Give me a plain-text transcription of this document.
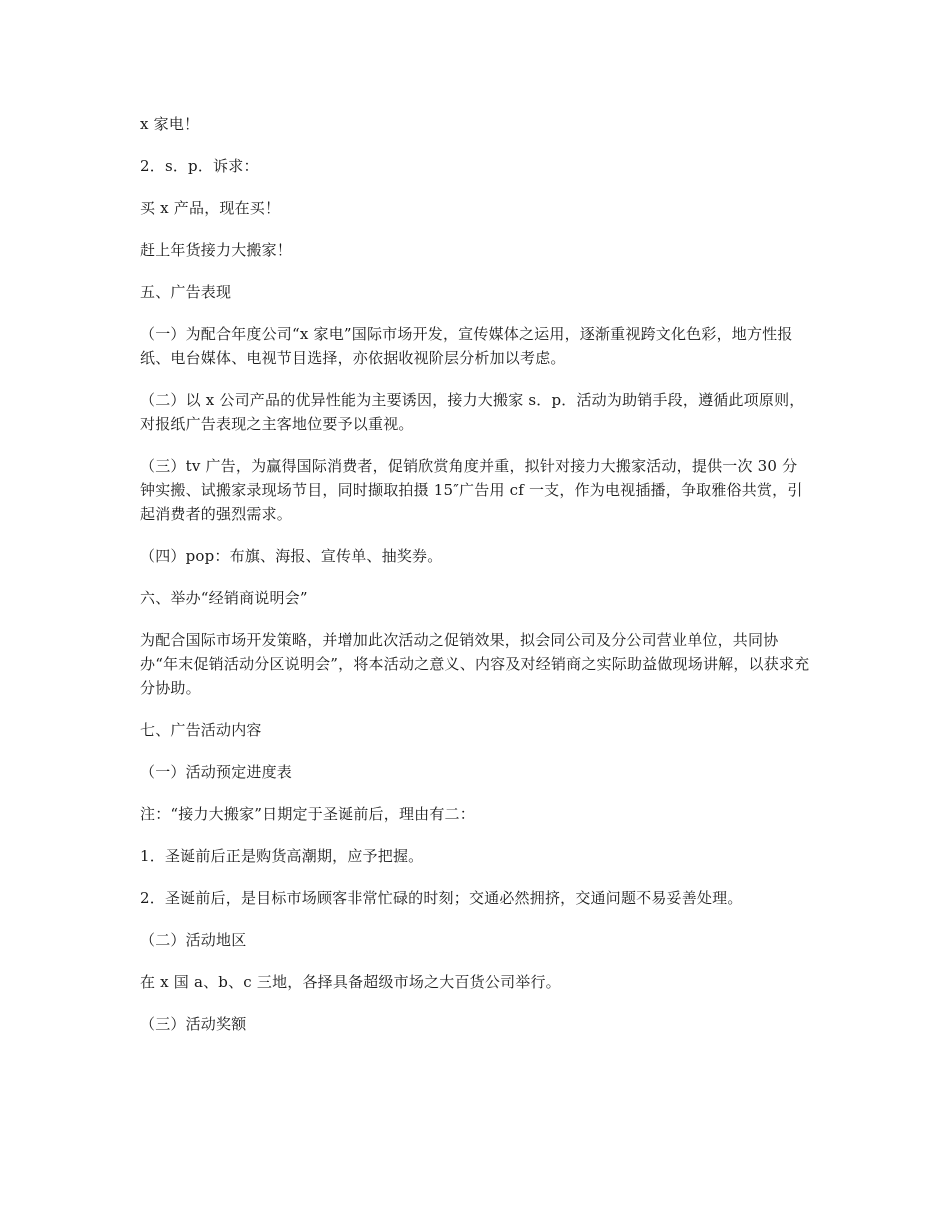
x 家电！

2．s．p．诉求：

买 x 产品，现在买！

赶上年货接力大搬家！

五、广告表现

（一）为配合年度公司“x 家电”国际市场开发，宣传媒体之运用，逐渐重视跨文化色彩，地方性报纸、电台媒体、电视节目选择，亦依据收视阶层分析加以考虑。

（二）以 x 公司产品的优异性能为主要诱因，接力大搬家 s．p．活动为助销手段，遵循此项原则，对报纸广告表现之主客地位要予以重视。

（三）tv 广告，为赢得国际消费者，促销欣赏角度并重，拟针对接力大搬家活动，提供一次 30 分钟实搬、试搬家录现场节目，同时撷取拍摄 15″广告用 cf 一支，作为电视插播，争取雅俗共赏，引起消费者的强烈需求。

（四）pop：布旗、海报、宣传单、抽奖券。

六、举办“经销商说明会”

为配合国际市场开发策略，并增加此次活动之促销效果，拟会同公司及分公司营业单位，共同协办“年末促销活动分区说明会”，将本活动之意义、内容及对经销商之实际助益做现场讲解，以获求充分协助。

七、广告活动内容

（一）活动预定进度表

注：“接力大搬家”日期定于圣诞前后，理由有二：

1．圣诞前后正是购货高潮期，应予把握。

2．圣诞前后，是目标市场顾客非常忙碌的时刻；交通必然拥挤，交通问题不易妥善处理。

（二）活动地区

在 x 国 a、b、c 三地，各择具备超级市场之大百货公司举行。

（三）活动奖额
